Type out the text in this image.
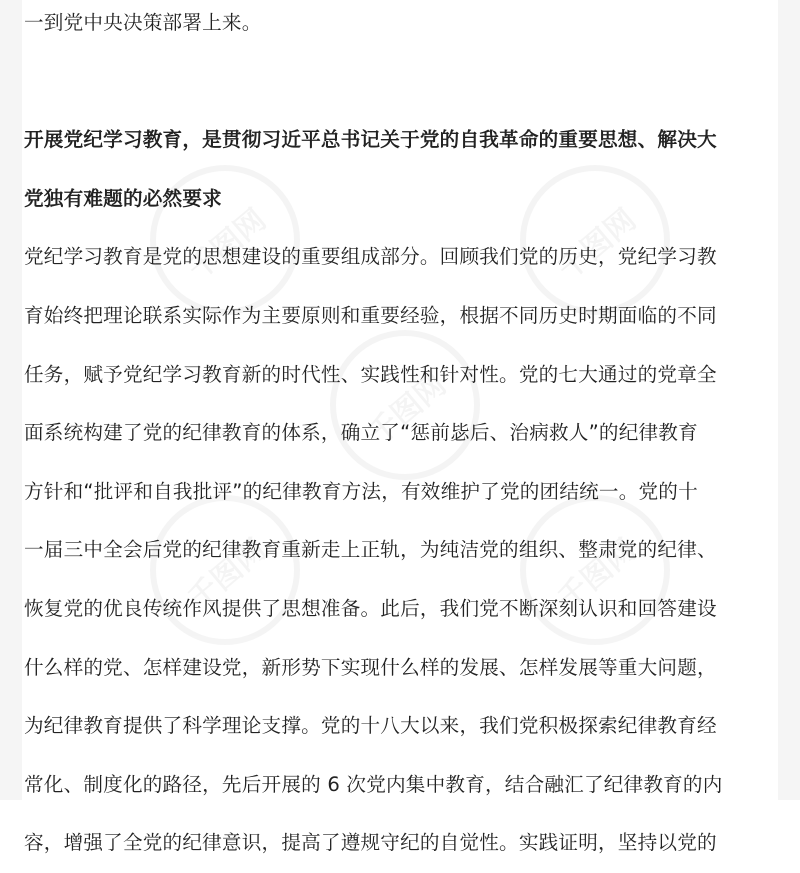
千图网	千图网
千图网
千图网	千图网
一到党中央决策部署上来。
开展党纪学习教育，是贯彻习近平总书记关于党的自我革命的重要思想、解决大
党独有难题的必然要求
党纪学习教育是党的思想建设的重要组成部分。回顾我们党的历史，党纪学习教
育始终把理论联系实际作为主要原则和重要经验，根据不同历史时期面临的不同
任务，赋予党纪学习教育新的时代性、实践性和针对性。党的七大通过的党章全
面系统构建了党的纪律教育的体系，确立了“惩前毖后、治病救人”的纪律教育
方针和“批评和自我批评”的纪律教育方法，有效维护了党的团结统一。党的十
一届三中全会后党的纪律教育重新走上正轨，为纯洁党的组织、整肃党的纪律、
恢复党的优良传统作风提供了思想准备。此后，我们党不断深刻认识和回答建设
什么样的党、怎样建设党，新形势下实现什么样的发展、怎样发展等重大问题，
为纪律教育提供了科学理论支撑。党的十八大以来，我们党积极探索纪律教育经
常化、制度化的路径，先后开展的 6 次党内集中教育，结合融汇了纪律教育的内
容，增强了全党的纪律意识，提高了遵规守纪的自觉性。实践证明，坚持以党的
